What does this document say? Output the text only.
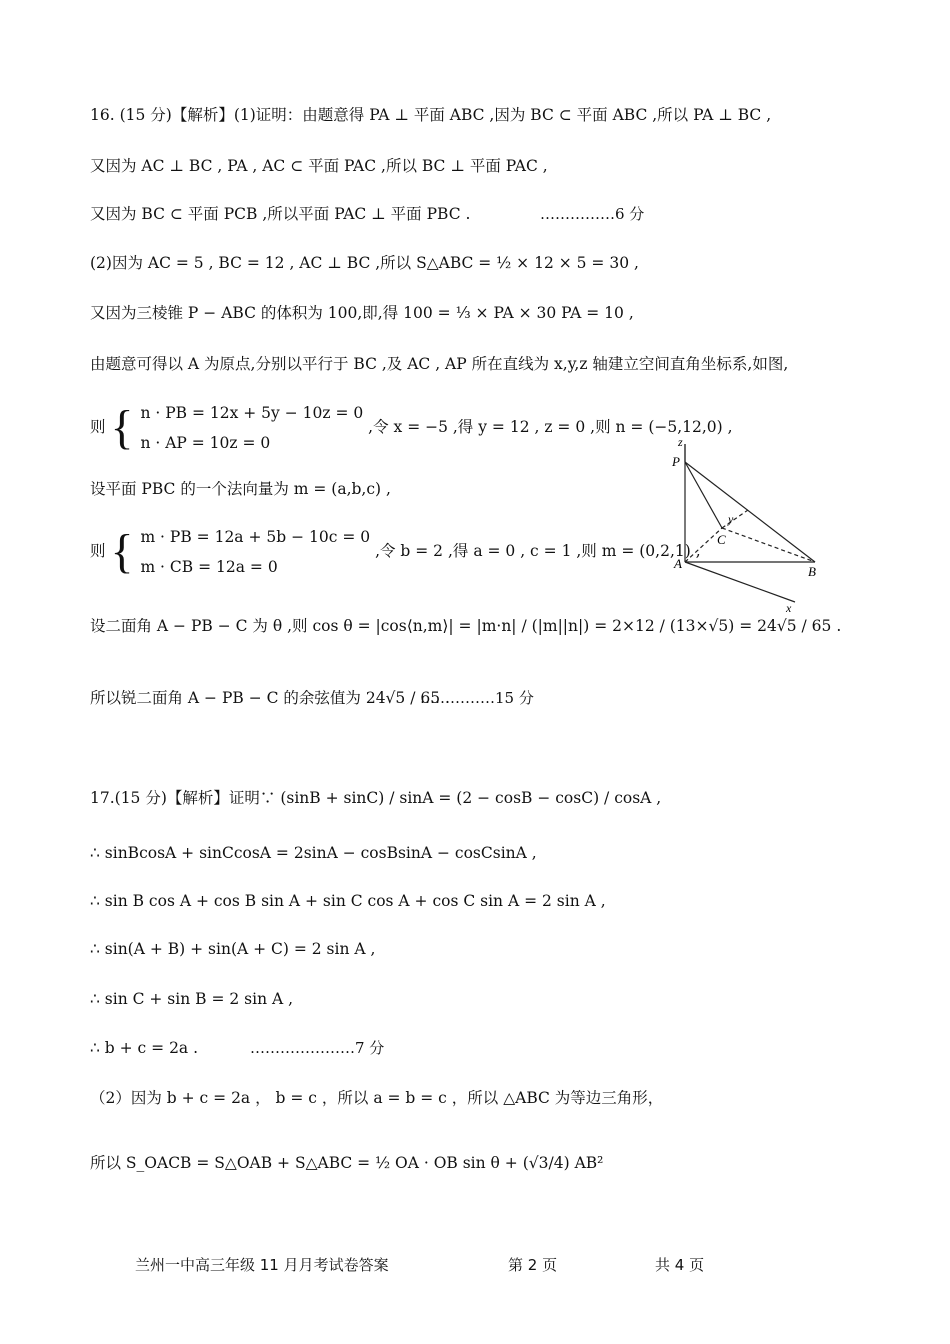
16. (15 分)【解析】(1)证明：由题意得 PA ⊥ 平面 ABC ,因为 BC ⊂ 平面 ABC ,所以 PA ⊥ BC ,
又因为 AC ⊥ BC , PA , AC ⊂ 平面 PAC ,所以 BC ⊥ 平面 PAC ,
又因为 BC ⊂ 平面 PCB ,所以平面 PAC ⊥ 平面 PBC .	……………6 分
(2)因为 AC = 5 , BC = 12 , AC ⊥ BC ,所以 S△ABC = ½ × 12 × 5 = 30 ,
又因为三棱锥 P − ABC 的体积为 100,即,得 100 = ⅓ × PA × 30 PA = 10 ,
由题意可得以 A 为原点,分别以平行于 BC ,及 AC , AP 所在直线为 x,y,z 轴建立空间直角坐标系,如图,
则 { n · PB = 12x + 5y − 10z = 0
n · AP = 10z = 0
,令 x = −5 ,得 y = 12 , z = 0 ,则 n = (−5,12,0) ,
设平面 PBC 的一个法向量为 m = (a,b,c) ,
则 { m · PB = 12a + 5b − 10c = 0
m · CB = 12a = 0
,令 b = 2 ,得 a = 0 , c = 1 ,则 m = (0,2,1) ,
设二面角 A − PB − C 为 θ ,则 cos θ = |cos⟨n,m⟩| = |m·n| / (|m||n|) = 2×12 / (13×√5) = 24√5 / 65 .
所以锐二面角 A − PB − C 的余弦值为 24√5 / 65 .
……………15 分
z
P
y
C
A
B
x
17.(15 分)【解析】证明∵ (sinB + sinC) / sinA = (2 − cosB − cosC) / cosA ,
∴ sinBcosA + sinCcosA = 2sinA − cosBsinA − cosCsinA ,
∴ sin B cos A + cos B sin A + sin C cos A + cos C sin A = 2 sin A ,
∴ sin(A + B) + sin(A + C) = 2 sin A ,
∴ sin C + sin B = 2 sin A ,
∴ b + c = 2a .	…………………7 分
（2）因为 b + c = 2a ， b = c ，所以 a = b = c ，所以 △ABC 为等边三角形，
所以 S_OACB = S△OAB + S△ABC = ½ OA · OB sin θ + (√3/4) AB²
兰州一中高三年级 11 月月考试卷答案	第 2 页	共 4 页
